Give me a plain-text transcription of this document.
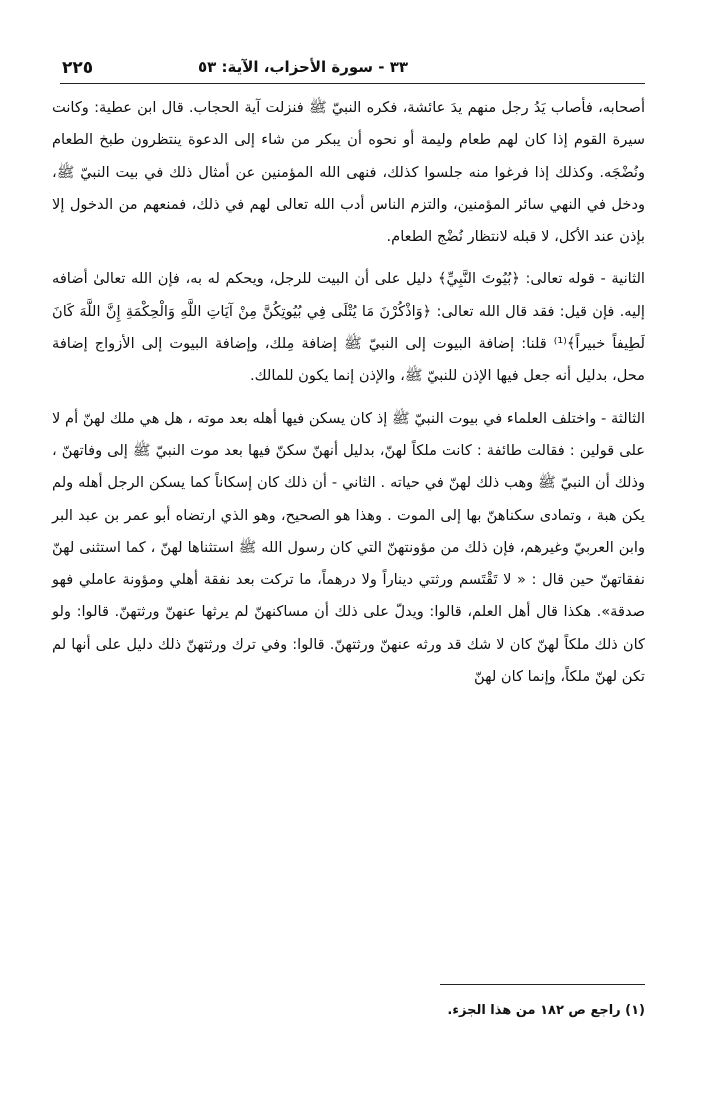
٣٣ - سورة الأحزاب، الآية: ٥٣
٢٢٥

أصحابه، فأصاب يَدُ رجل منهم يدَ عائشة، فكره النبيّ ﷺ فنزلت آية الحجاب. قال ابن عطية: وكانت سيرة القوم إذا كان لهم طعام وليمة أو نحوه أن يبكر من شاء إلى الدعوة ينتظرون طبخ الطعام ونُضْجَه. وكذلك إذا فرغوا منه جلسوا كذلك، فنهى الله المؤمنين عن أمثال ذلك في بيت النبيّ ﷺ، ودخل في النهي سائر المؤمنين، والتزم الناس أدب الله تعالى لهم في ذلك، فمنعهم من الدخول إلا بإذن عند الأكل، لا قبله لانتظار نُضْج الطعام.

الثانية - قوله تعالى: ﴿بُيُوتَ النَّبِيِّ﴾ دليل على أن البيت للرجل، ويحكم له به، فإن الله تعالىٰ أضافه إليه. فإن قيل: فقد قال الله تعالى: ﴿وَاذْكُرْنَ مَا يُتْلَى فِي بُيُوتِكُنَّ مِنْ آيَاتِ اللَّهِ وَالْحِكْمَةِ إِنَّ اللَّهَ كَانَ لَطِيفاً خبيراً﴾⁽¹⁾ قلنا: إضافة البيوت إلى النبيّ ﷺ إضافة مِلك، وإضافة البيوت إلى الأزواج إضافة محل، بدليل أنه جعل فيها الإذن للنبيّ ﷺ، والإذن إنما يكون للمالك.

الثالثة - واختلف العلماء في بيوت النبيّ ﷺ إذ كان يسكن فيها أهله بعد موته ، هل هي ملك لهنّ أم لا على قولين : فقالت طائفة : كانت ملكاً لهنّ، بدليل أنهنّ سكنّ فيها بعد موت النبيّ ﷺ إلى وفاتهنّ ، وذلك أن النبيّ ﷺ وهب ذلك لهنّ في حياته . الثاني - أن ذلك كان إسكاناً كما يسكن الرجل أهله ولم يكن هبة ، وتمادى سكناهنّ بها إلى الموت . وهذا هو الصحيح، وهو الذي ارتضاه أبو عمر بن عبد البر وابن العربيّ وغيرهم، فإن ذلك من مؤونتهنّ التي كان رسول الله ﷺ استثناها لهنّ ، كما استثنى لهنّ نفقاتهنّ حين قال : « لا تَقْتَسم ورثتي ديناراً ولا درهماً، ما تركت بعد نفقة أهلي ومؤونة عاملي فهو صدقة». هكذا قال أهل العلم، قالوا: ويدلّ على ذلك أن مساكنهنّ لم يرثها عنهنّ ورثتهنّ. قالوا: ولو كان ذلك ملكاً لهنّ كان لا شك قد ورثه عنهنّ ورثتهنّ. قالوا: وفي ترك ورثتهنّ ذلك دليل على أنها لم تكن لهنّ ملكاً، وإنما كان لهنّ

(١) راجع ص ١٨٢ من هذا الجزء.
